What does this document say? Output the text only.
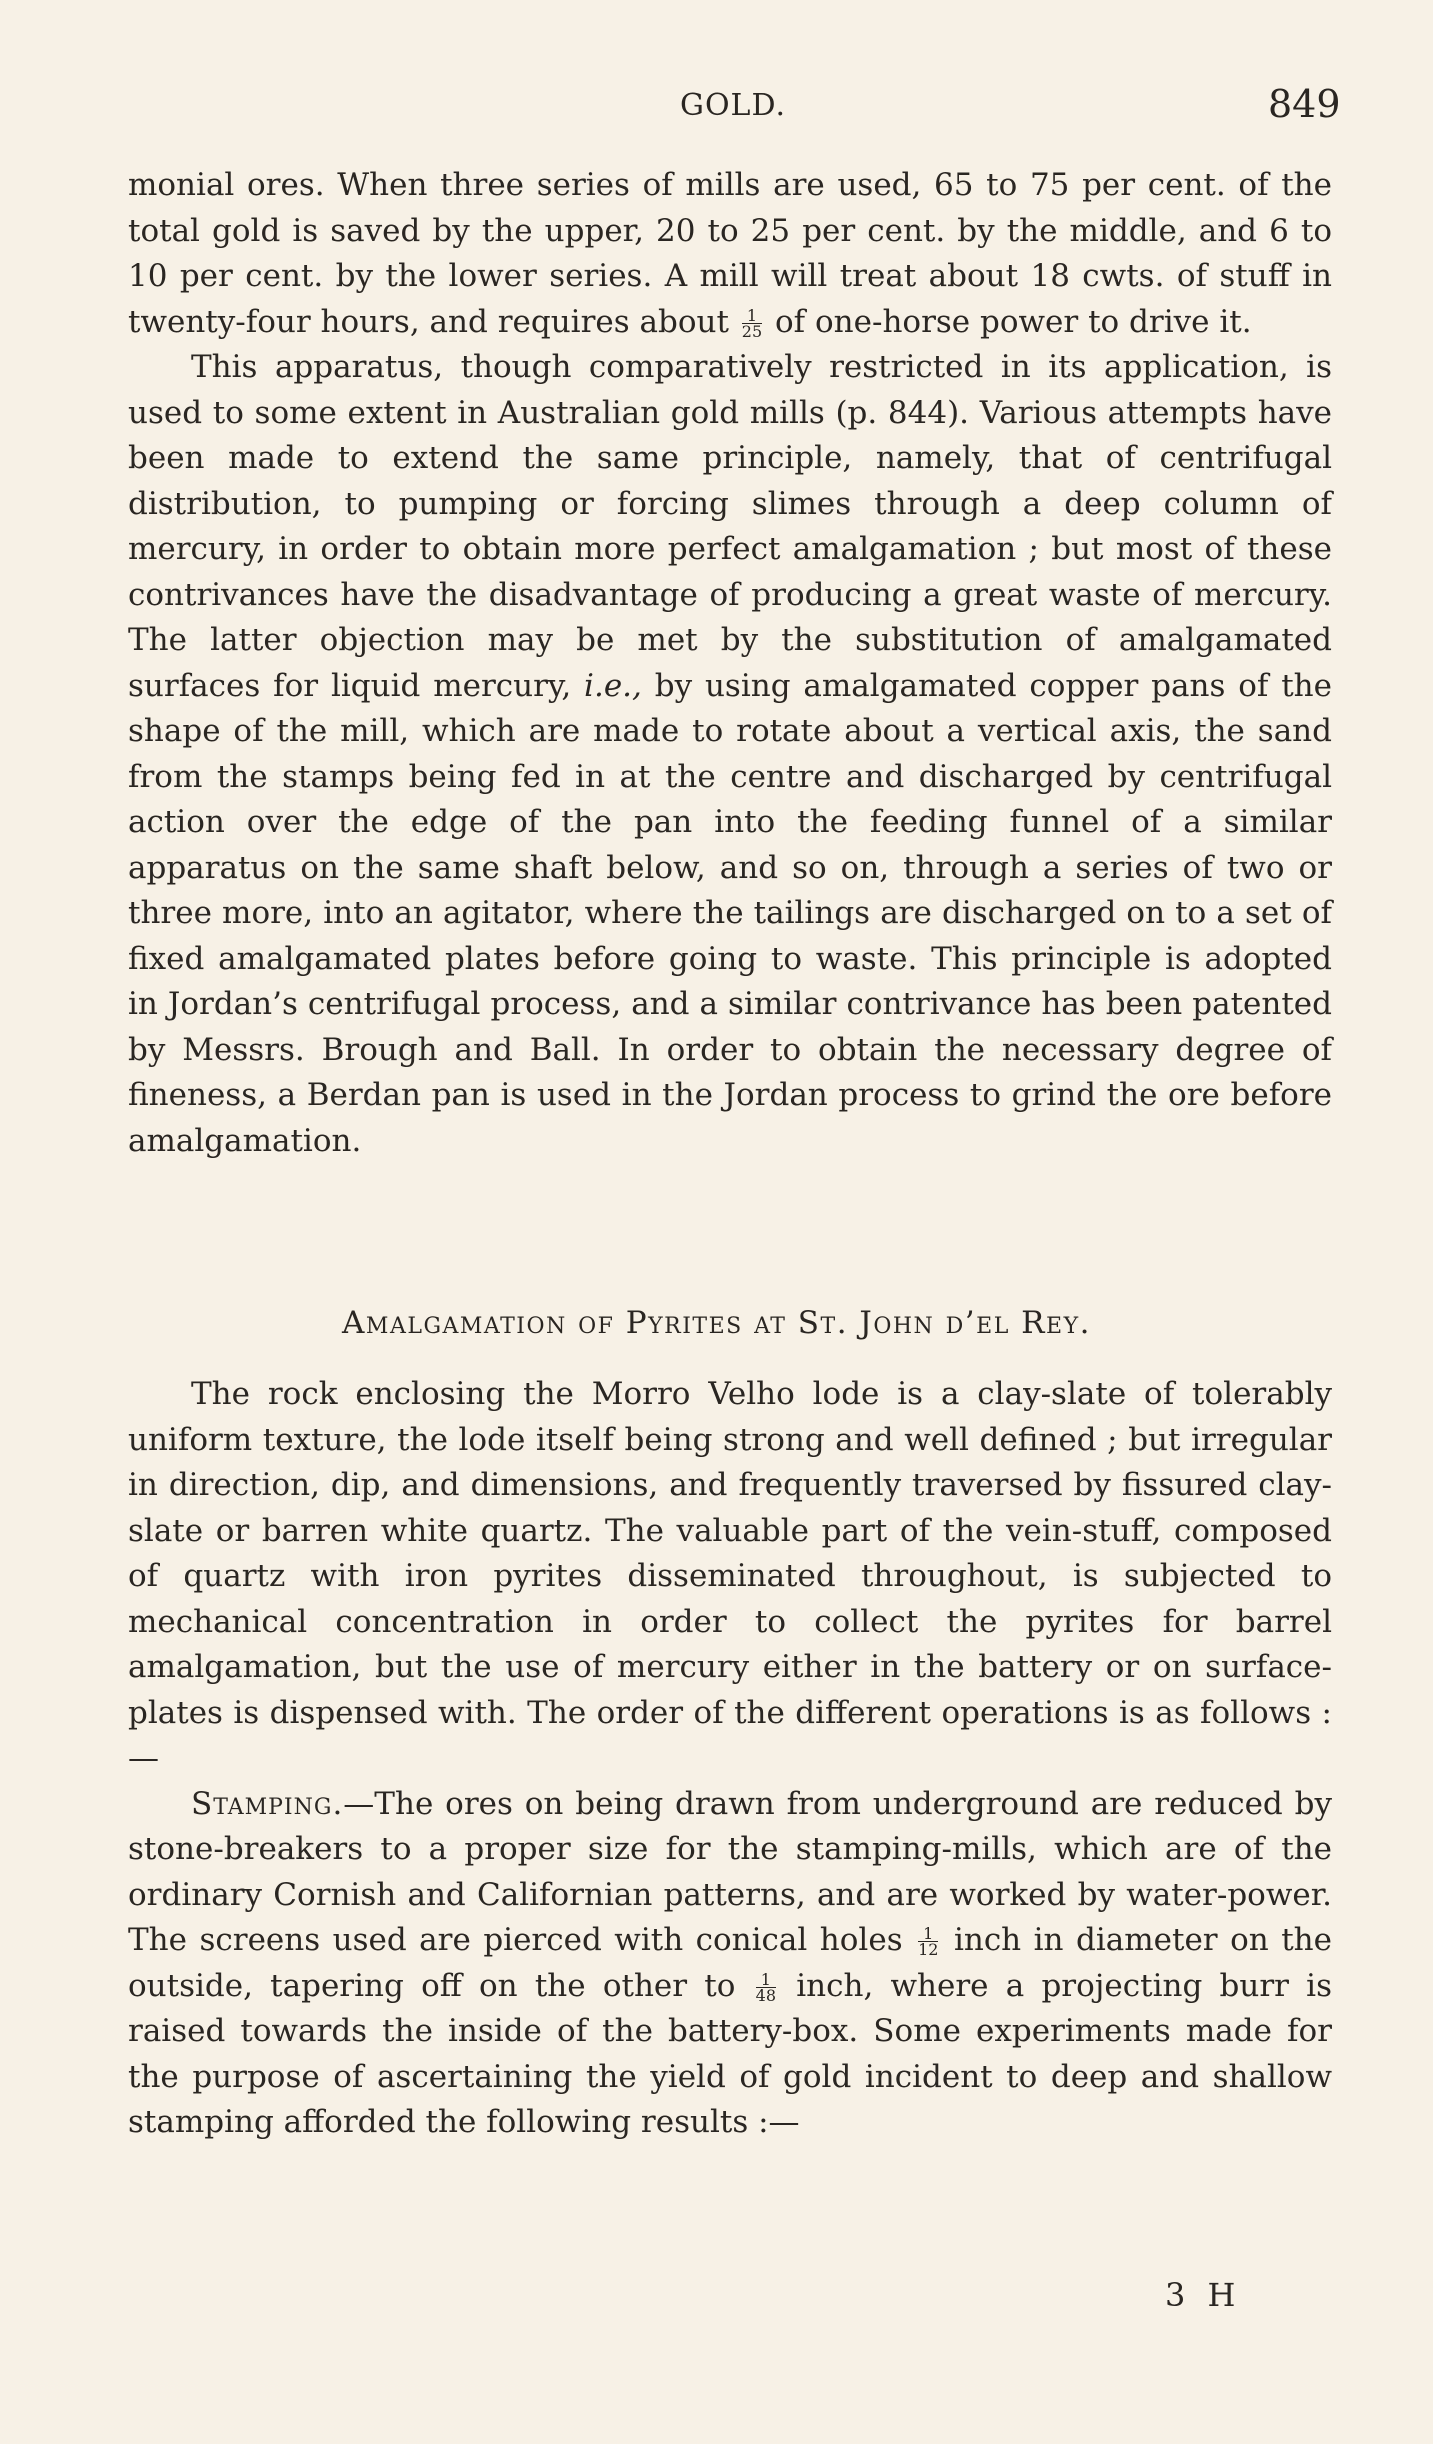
GOLD.	849

monial ores. When three series of mills are used, 65 to 75 per cent. of the total gold is saved by the upper, 20 to 25 per cent. by the middle, and 6 to 10 per cent. by the lower series. A mill will treat about 18 cwts. of stuff in twenty-four hours, and requires about $\frac{1}{25}$ of one-horse power to drive it.

This apparatus, though comparatively restricted in its application, is used to some extent in Australian gold mills (p. 844). Various attempts have been made to extend the same principle, namely, that of centrifugal distribution, to pumping or forcing slimes through a deep column of mercury, in order to obtain more perfect amalgamation ; but most of these contrivances have the disadvantage of producing a great waste of mercury. The latter objection may be met by the substitution of amalgamated surfaces for liquid mercury, i.e., by using amalgamated copper pans of the shape of the mill, which are made to rotate about a vertical axis, the sand from the stamps being fed in at the centre and discharged by centrifugal action over the edge of the pan into the feeding funnel of a similar apparatus on the same shaft below, and so on, through a series of two or three more, into an agitator, where the tailings are discharged on to a set of fixed amalgamated plates before going to waste. This principle is adopted in Jordan’s centrifugal process, and a similar contrivance has been patented by Messrs. Brough and Ball. In order to obtain the necessary degree of fineness, a Berdan pan is used in the Jordan process to grind the ore before amalgamation.

Amalgamation of Pyrites at St. John d’el Rey.

The rock enclosing the Morro Velho lode is a clay-slate of tolerably uniform texture, the lode itself being strong and well defined ; but irregular in direction, dip, and dimensions, and frequently traversed by fissured clay-slate or barren white quartz. The valuable part of the vein-stuff, composed of quartz with iron pyrites disseminated throughout, is subjected to mechanical concentration in order to collect the pyrites for barrel amalgamation, but the use of mercury either in the battery or on surface-plates is dispensed with. The order of the different operations is as follows :—

Stamping.—The ores on being drawn from underground are reduced by stone-breakers to a proper size for the stamping-mills, which are of the ordinary Cornish and Californian patterns, and are worked by water-power. The screens used are pierced with conical holes $\frac{1}{12}$ inch in diameter on the outside, tapering off on the other to $\frac{1}{48}$ inch, where a projecting burr is raised towards the inside of the battery-box. Some experiments made for the purpose of ascertaining the yield of gold incident to deep and shallow stamping afforded the following results :—

3 H
